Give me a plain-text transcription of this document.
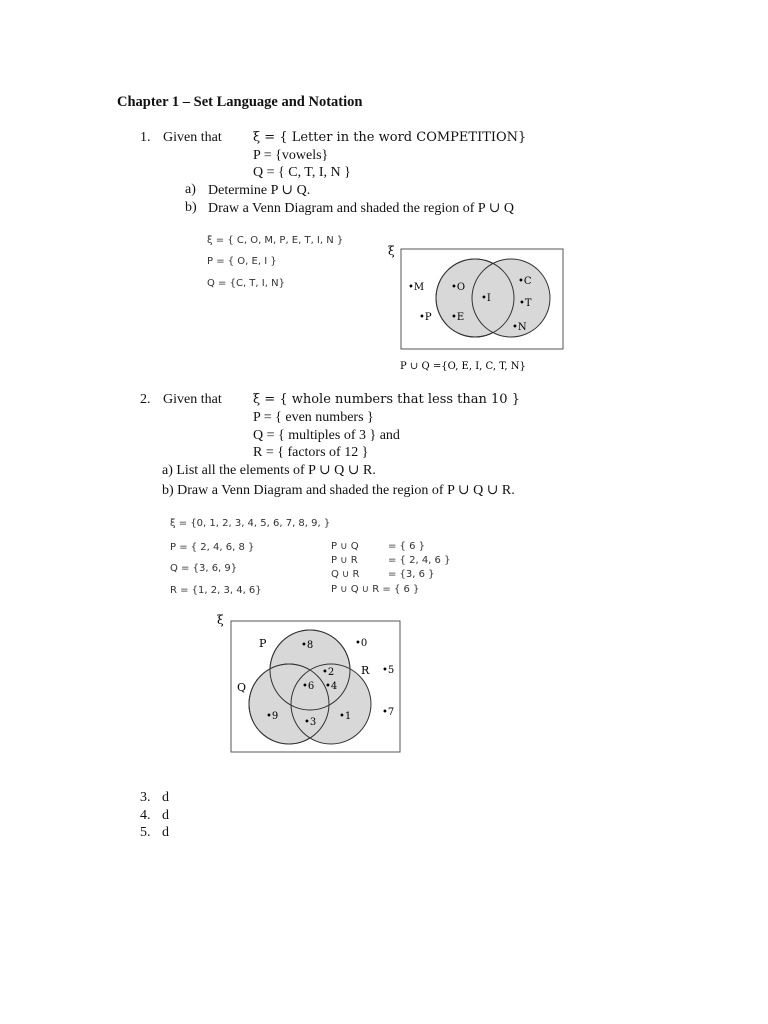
Chapter 1 – Set Language and Notation
1. Given that ξ = { Letter in the word COMPETITION}
P = {vowels}
Q = { C, T, I, N }
a) Determine P ∪ Q.
b) Draw a Venn Diagram and shaded the region of P ∪ Q
ξ = { C, O, M, P, E, T, I, N }
P = { O, E, I }
Q = {C, T, I, N}
ξ
•M
•P
•O
•E
•I
•C
•T
•N
P ∪ Q ={O, E, I, C, T, N}
2. Given that ξ = { whole numbers that less than 10 }
P = { even numbers }
Q = { multiples of 3 } and
R = { factors of 12 }
a) List all the elements of P ∪ Q ∪ R.
b) Draw a Venn Diagram and shaded the region of P ∪ Q ∪ R.
ξ = {0, 1, 2, 3, 4, 5, 6, 7, 8, 9, }
P = { 2, 4, 6, 8 }
Q = {3, 6, 9}
R = {1, 2, 3, 4, 6}
P ∪ Q	= { 6 }
P ∪ R	= { 2, 4, 6 }
Q ∪ R	= {3, 6 }
P ∪ Q ∪ R = { 6 }
ξ
P
Q
R
•8	•0
•5
•2
•6 •4
•9
•3
•1	•7
3. d
4. d
5. d
